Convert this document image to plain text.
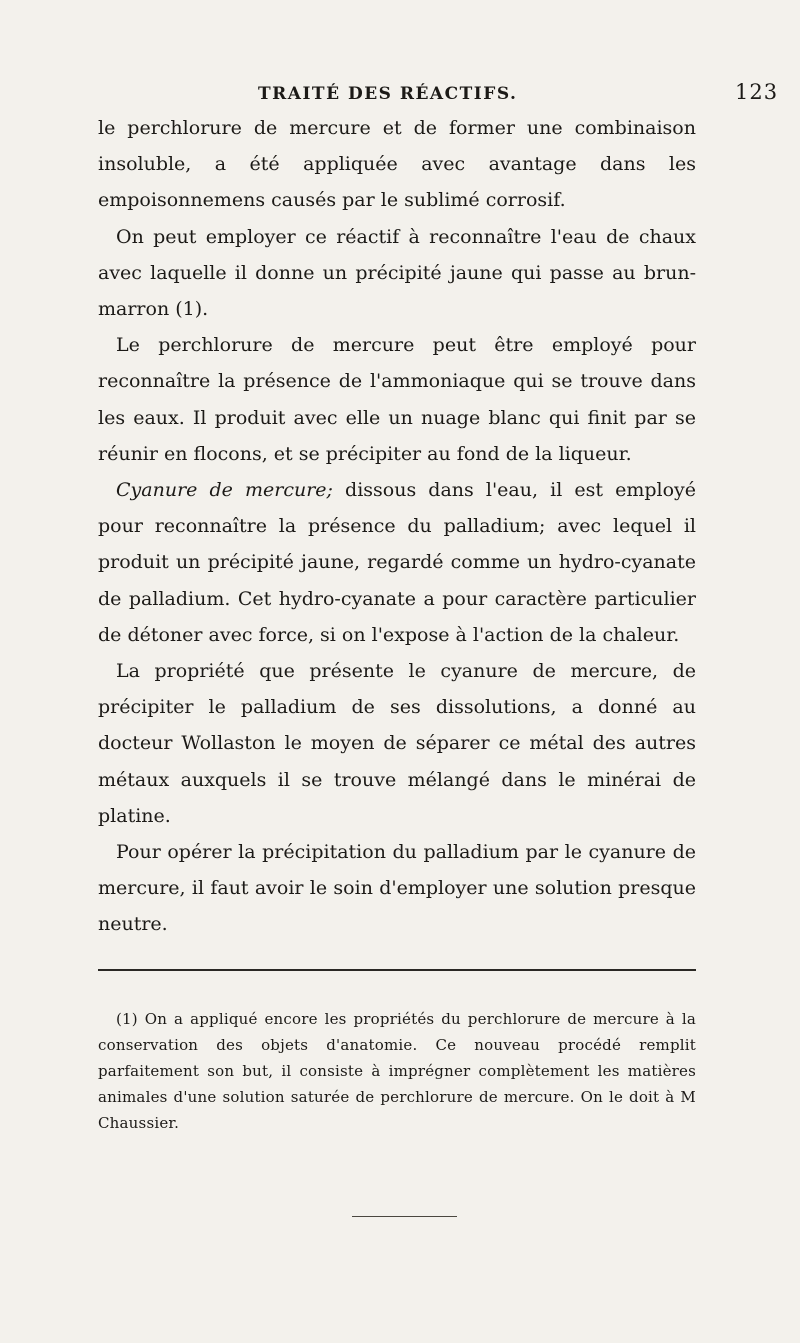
TRAITÉ DES RÉACTIFS.	123

le perchlorure de mercure et de former une combinaison insoluble, a été appliquée avec avantage dans les empoisonnemens causés par le sublimé corrosif.

On peut employer ce réactif à reconnaître l'eau de chaux avec laquelle il donne un précipité jaune qui passe au brun-marron (1).

Le perchlorure de mercure peut être employé pour reconnaître la présence de l'ammoniaque qui se trouve dans les eaux. Il produit avec elle un nuage blanc qui finit par se réunir en flocons, et se précipiter au fond de la liqueur.

Cyanure de mercure; dissous dans l'eau, il est employé pour reconnaître la présence du palladium; avec lequel il produit un précipité jaune, regardé comme un hydro-cyanate de palladium. Cet hydro-cyanate a pour caractère particulier de détoner avec force, si on l'expose à l'action de la chaleur.

La propriété que présente le cyanure de mercure, de précipiter le palladium de ses dissolutions, a donné au docteur Wollaston le moyen de séparer ce métal des autres métaux auxquels il se trouve mélangé dans le minérai de platine.

Pour opérer la précipitation du palladium par le cyanure de mercure, il faut avoir le soin d'employer une solution presque neutre.

(1) On a appliqué encore les propriétés du perchlorure de mercure à la conservation des objets d'anatomie. Ce nouveau procédé remplit parfaitement son but, il consiste à imprégner complètement les matières animales d'une solution saturée de perchlorure de mercure. On le doit à M Chaussier.
